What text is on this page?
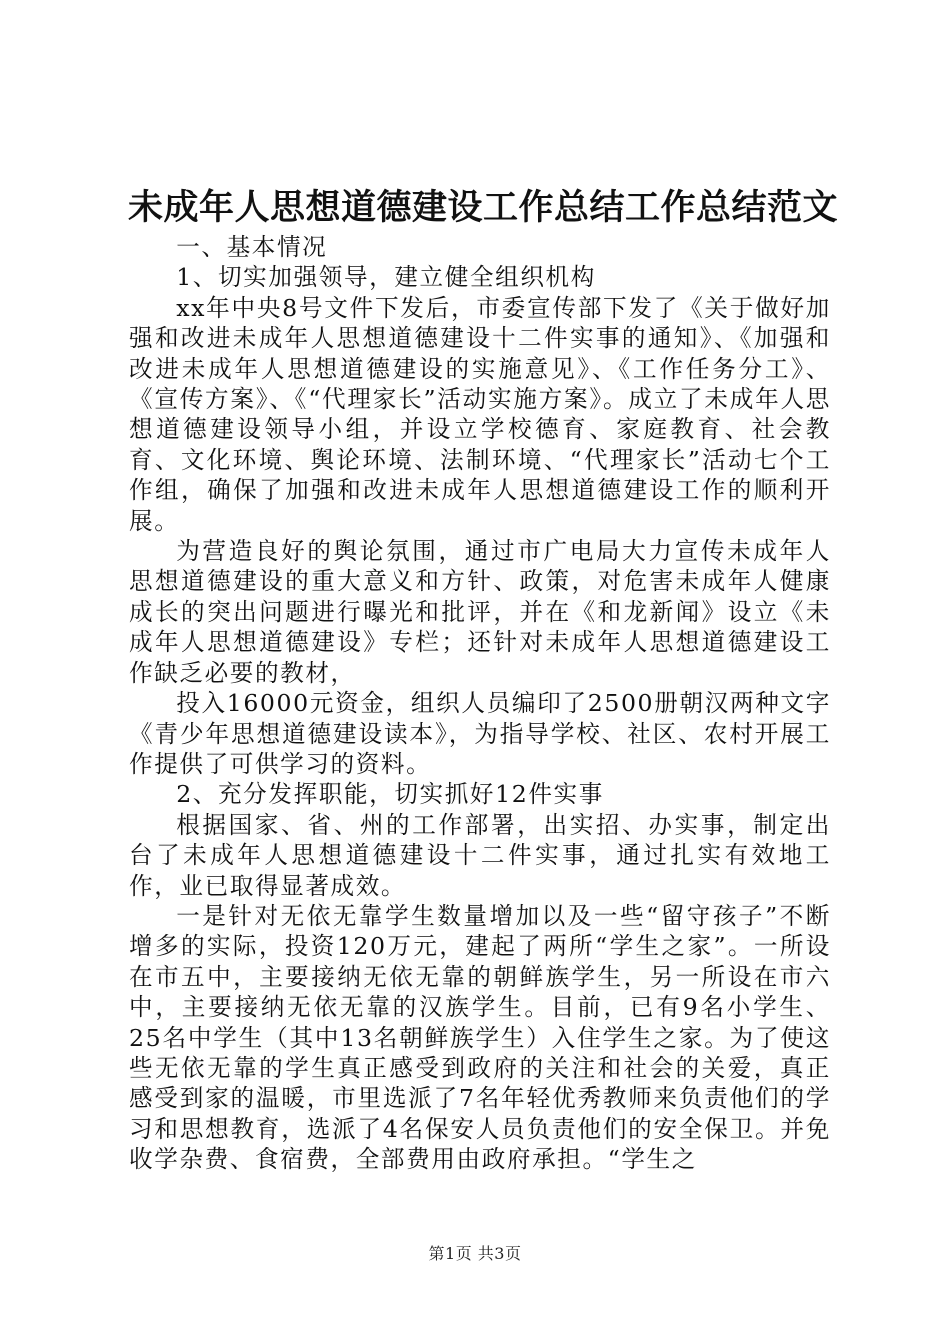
未成年人思想道德建设工作总结工作总结范文

一、基本情况

1、切实加强领导，建立健全组织机构

xx年中央8号文件下发后，市委宣传部下发了《关于做好加强和改进未成年人思想道德建设十二件实事的通知》、《加强和改进未成年人思想道德建设的实施意见》、《工作任务分工》、《宣传方案》、《“代理家长”活动实施方案》。成立了未成年人思想道德建设领导小组，并设立学校德育、家庭教育、社会教育、文化环境、舆论环境、法制环境、“代理家长”活动七个工作组，确保了加强和改进未成年人思想道德建设工作的顺利开展。

为营造良好的舆论氛围，通过市广电局大力宣传未成年人思想道德建设的重大意义和方针、政策，对危害未成年人健康成长的突出问题进行曝光和批评，并在《和龙新闻》设立《未成年人思想道德建设》专栏；还针对未成年人思想道德建设工作缺乏必要的教材，

投入16000元资金，组织人员编印了2500册朝汉两种文字《青少年思想道德建设读本》，为指导学校、社区、农村开展工作提供了可供学习的资料。

2、充分发挥职能，切实抓好12件实事

根据国家、省、州的工作部署，出实招、办实事，制定出台了未成年人思想道德建设十二件实事，通过扎实有效地工作，业已取得显著成效。

一是针对无依无靠学生数量增加以及一些“留守孩子”不断增多的实际，投资120万元，建起了两所“学生之家”。一所设在市五中，主要接纳无依无靠的朝鲜族学生，另一所设在市六中，主要接纳无依无靠的汉族学生。目前，已有9名小学生、25名中学生（其中13名朝鲜族学生）入住学生之家。为了使这些无依无靠的学生真正感受到政府的关注和社会的关爱，真正感受到家的温暖，市里选派了7名年轻优秀教师来负责他们的学习和思想教育，选派了4名保安人员负责他们的安全保卫。并免收学杂费、食宿费，全部费用由政府承担。“学生之

第1页 共3页
